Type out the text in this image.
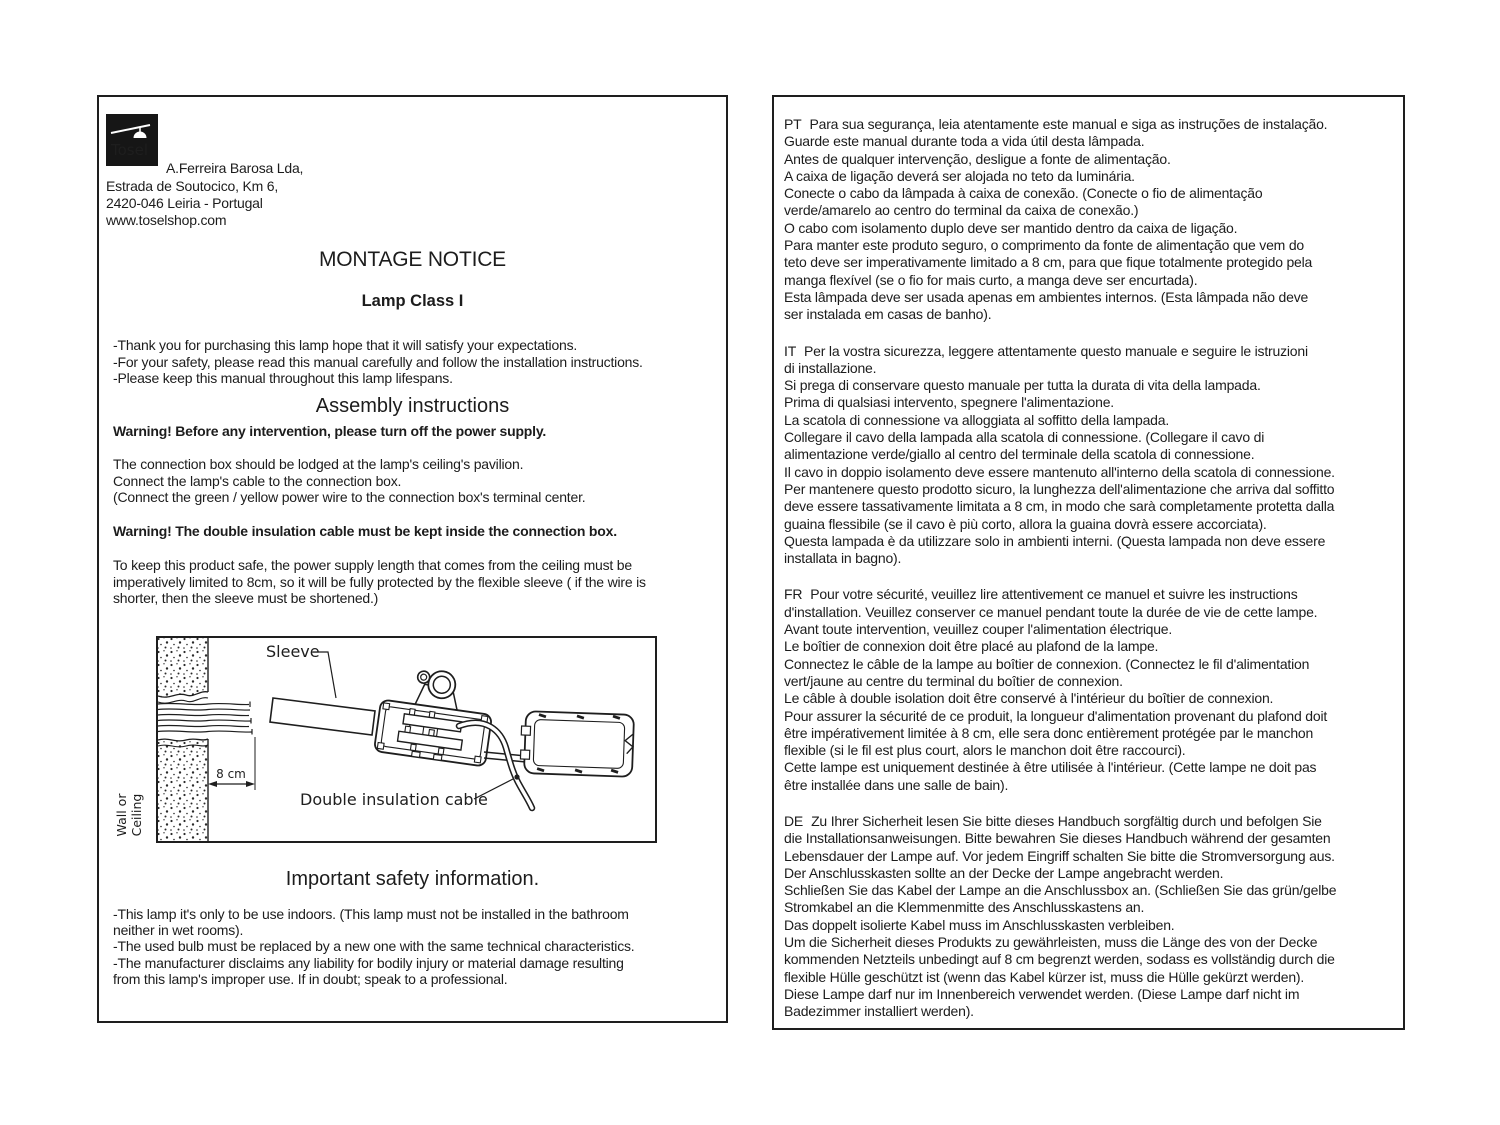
Tosel
A.Ferreira Barosa Lda,
Estrada de Soutocico, Km 6,
2420-046 Leiria - Portugal
www.toselshop.com
MONTAGE NOTICE
Lamp Class I
-Thank you for purchasing this lamp hope that it will satisfy your expectations.
-For your safety, please read this manual carefully and follow the installation instructions.
-Please keep this manual throughout this lamp lifespans.
Assembly instructions
Warning! Before any intervention, please turn off the power supply.
The connection box should be lodged at the lamp's ceiling's pavilion.
Connect the lamp's cable to the connection box.
(Connect the green / yellow power wire to the connection box's terminal center.
Warning! The double insulation cable must be kept inside the connection box.
To keep this product safe, the power supply length that comes from the ceiling must be
imperatively limited to 8cm, so it will be fully protected by the flexible sleeve ( if the wire is
shorter, then the sleeve must be shortened.)
8 cm
Sleeve
Double insulation cable
Wall or
Ceiling
Important safety information.
-This lamp it's only to be use indoors. (This lamp must not be installed in the bathroom
neither in wet rooms).
-The used bulb must be replaced by a new one with the same technical characteristics.
-The manufacturer disclaims any liability for bodily injury or material damage resulting
from this lamp's improper use. If in doubt; speak to a professional.
PT Para sua segurança, leia atentamente este manual e siga as instruções de instalação.
Guarde este manual durante toda a vida útil desta lâmpada.
Antes de qualquer intervenção, desligue a fonte de alimentação.
A caixa de ligação deverá ser alojada no teto da luminária.
Conecte o cabo da lâmpada à caixa de conexão. (Conecte o fio de alimentação
verde/amarelo ao centro do terminal da caixa de conexão.)
O cabo com isolamento duplo deve ser mantido dentro da caixa de ligação.
Para manter este produto seguro, o comprimento da fonte de alimentação que vem do
teto deve ser imperativamente limitado a 8 cm, para que fique totalmente protegido pela
manga flexível (se o fio for mais curto, a manga deve ser encurtada).
Esta lâmpada deve ser usada apenas em ambientes internos. (Esta lâmpada não deve
ser instalada em casas de banho).
IT Per la vostra sicurezza, leggere attentamente questo manuale e seguire le istruzioni
di installazione.
Si prega di conservare questo manuale per tutta la durata di vita della lampada.
Prima di qualsiasi intervento, spegnere l'alimentazione.
La scatola di connessione va alloggiata al soffitto della lampada.
Collegare il cavo della lampada alla scatola di connessione. (Collegare il cavo di
alimentazione verde/giallo al centro del terminale della scatola di connessione.
Il cavo in doppio isolamento deve essere mantenuto all'interno della scatola di connessione.
Per mantenere questo prodotto sicuro, la lunghezza dell'alimentazione che arriva dal soffitto
deve essere tassativamente limitata a 8 cm, in modo che sarà completamente protetta dalla
guaina flessibile (se il cavo è più corto, allora la guaina dovrà essere accorciata).
Questa lampada è da utilizzare solo in ambienti interni. (Questa lampada non deve essere
installata in bagno).
FR Pour votre sécurité, veuillez lire attentivement ce manuel et suivre les instructions
d'installation. Veuillez conserver ce manuel pendant toute la durée de vie de cette lampe.
Avant toute intervention, veuillez couper l'alimentation électrique.
Le boîtier de connexion doit être placé au plafond de la lampe.
Connectez le câble de la lampe au boîtier de connexion. (Connectez le fil d'alimentation
vert/jaune au centre du terminal du boîtier de connexion.
Le câble à double isolation doit être conservé à l'intérieur du boîtier de connexion.
Pour assurer la sécurité de ce produit, la longueur d'alimentation provenant du plafond doit
être impérativement limitée à 8 cm, elle sera donc entièrement protégée par le manchon
flexible (si le fil est plus court, alors le manchon doit être raccourci).
Cette lampe est uniquement destinée à être utilisée à l'intérieur. (Cette lampe ne doit pas
être installée dans une salle de bain).
DE Zu Ihrer Sicherheit lesen Sie bitte dieses Handbuch sorgfältig durch und befolgen Sie
die Installationsanweisungen. Bitte bewahren Sie dieses Handbuch während der gesamten
Lebensdauer der Lampe auf. Vor jedem Eingriff schalten Sie bitte die Stromversorgung aus.
Der Anschlusskasten sollte an der Decke der Lampe angebracht werden.
Schließen Sie das Kabel der Lampe an die Anschlussbox an. (Schließen Sie das grün/gelbe
Stromkabel an die Klemmenmitte des Anschlusskastens an.
Das doppelt isolierte Kabel muss im Anschlusskasten verbleiben.
Um die Sicherheit dieses Produkts zu gewährleisten, muss die Länge des von der Decke
kommenden Netzteils unbedingt auf 8 cm begrenzt werden, sodass es vollständig durch die
flexible Hülle geschützt ist (wenn das Kabel kürzer ist, muss die Hülle gekürzt werden).
Diese Lampe darf nur im Innenbereich verwendet werden. (Diese Lampe darf nicht im
Badezimmer installiert werden).
